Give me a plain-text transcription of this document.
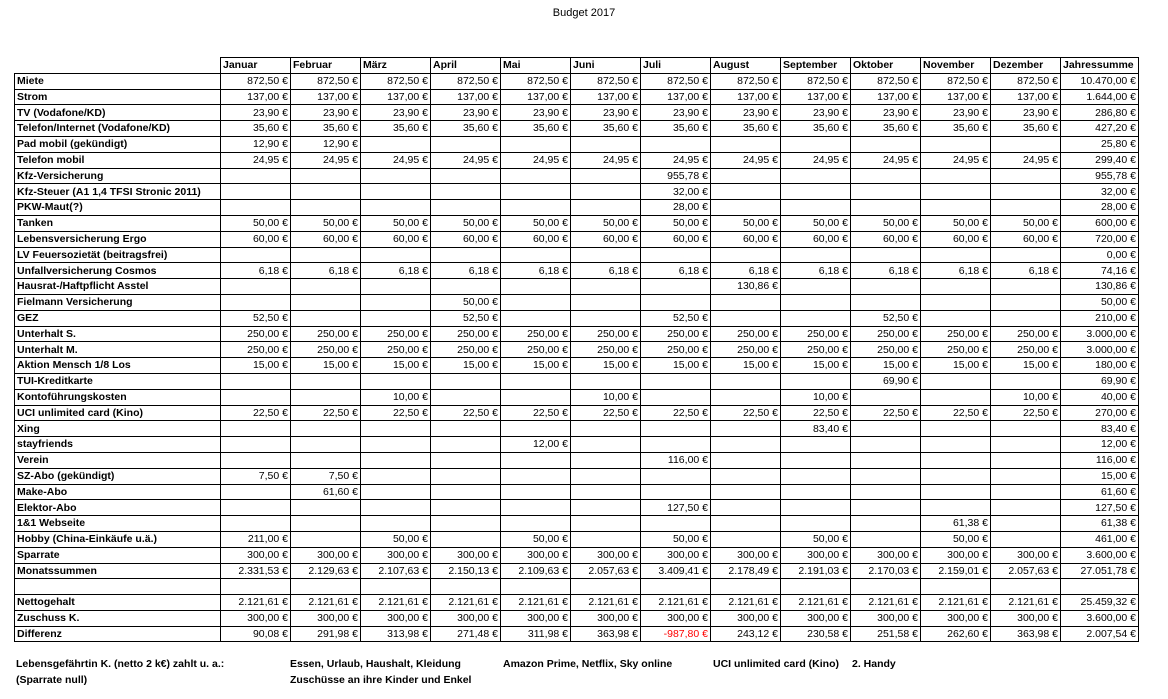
Budget 2017
	Januar	Februar	März	April	Mai	Juni	Juli	August	September	Oktober	November	Dezember	Jahressumme
Miete	872,50 €	872,50 €	872,50 €	872,50 €	872,50 €	872,50 €	872,50 €	872,50 €	872,50 €	872,50 €	872,50 €	872,50 €	10.470,00 €
Strom	137,00 €	137,00 €	137,00 €	137,00 €	137,00 €	137,00 €	137,00 €	137,00 €	137,00 €	137,00 €	137,00 €	137,00 €	1.644,00 €
TV (Vodafone/KD)	23,90 €	23,90 €	23,90 €	23,90 €	23,90 €	23,90 €	23,90 €	23,90 €	23,90 €	23,90 €	23,90 €	23,90 €	286,80 €
Telefon/Internet (Vodafone/KD)	35,60 €	35,60 €	35,60 €	35,60 €	35,60 €	35,60 €	35,60 €	35,60 €	35,60 €	35,60 €	35,60 €	35,60 €	427,20 €
Pad mobil (gekündigt)	12,90 €	12,90 €											25,80 €
Telefon mobil	24,95 €	24,95 €	24,95 €	24,95 €	24,95 €	24,95 €	24,95 €	24,95 €	24,95 €	24,95 €	24,95 €	24,95 €	299,40 €
Kfz-Versicherung							955,78 €						955,78 €
Kfz-Steuer (A1 1,4 TFSI Stronic 2011)							32,00 €						32,00 €
PKW-Maut(?)							28,00 €						28,00 €
Tanken	50,00 €	50,00 €	50,00 €	50,00 €	50,00 €	50,00 €	50,00 €	50,00 €	50,00 €	50,00 €	50,00 €	50,00 €	600,00 €
Lebensversicherung Ergo	60,00 €	60,00 €	60,00 €	60,00 €	60,00 €	60,00 €	60,00 €	60,00 €	60,00 €	60,00 €	60,00 €	60,00 €	720,00 €
LV Feuersozietät (beitragsfrei)													0,00 €
Unfallversicherung Cosmos	6,18 €	6,18 €	6,18 €	6,18 €	6,18 €	6,18 €	6,18 €	6,18 €	6,18 €	6,18 €	6,18 €	6,18 €	74,16 €
Hausrat-/Haftpflicht Asstel								130,86 €					130,86 €
Fielmann Versicherung				50,00 €									50,00 €
GEZ	52,50 €			52,50 €			52,50 €			52,50 €			210,00 €
Unterhalt S.	250,00 €	250,00 €	250,00 €	250,00 €	250,00 €	250,00 €	250,00 €	250,00 €	250,00 €	250,00 €	250,00 €	250,00 €	3.000,00 €
Unterhalt M.	250,00 €	250,00 €	250,00 €	250,00 €	250,00 €	250,00 €	250,00 €	250,00 €	250,00 €	250,00 €	250,00 €	250,00 €	3.000,00 €
Aktion Mensch 1/8 Los	15,00 €	15,00 €	15,00 €	15,00 €	15,00 €	15,00 €	15,00 €	15,00 €	15,00 €	15,00 €	15,00 €	15,00 €	180,00 €
TUI-Kreditkarte										69,90 €			69,90 €
Kontoführungskosten			10,00 €			10,00 €			10,00 €			10,00 €	40,00 €
UCI unlimited card (Kino)	22,50 €	22,50 €	22,50 €	22,50 €	22,50 €	22,50 €	22,50 €	22,50 €	22,50 €	22,50 €	22,50 €	22,50 €	270,00 €
Xing									83,40 €				83,40 €
stayfriends					12,00 €								12,00 €
Verein							116,00 €						116,00 €
SZ-Abo (gekündigt)	7,50 €	7,50 €											15,00 €
Make-Abo		61,60 €											61,60 €
Elektor-Abo							127,50 €						127,50 €
1&1 Webseite											61,38 €		61,38 €
Hobby (China-Einkäufe u.ä.)	211,00 €		50,00 €		50,00 €		50,00 €		50,00 €		50,00 €		461,00 €
Sparrate	300,00 €	300,00 €	300,00 €	300,00 €	300,00 €	300,00 €	300,00 €	300,00 €	300,00 €	300,00 €	300,00 €	300,00 €	3.600,00 €
Monatssummen	2.331,53 €	2.129,63 €	2.107,63 €	2.150,13 €	2.109,63 €	2.057,63 €	3.409,41 €	2.178,49 €	2.191,03 €	2.170,03 €	2.159,01 €	2.057,63 €	27.051,78 €

Nettogehalt	2.121,61 €	2.121,61 €	2.121,61 €	2.121,61 €	2.121,61 €	2.121,61 €	2.121,61 €	2.121,61 €	2.121,61 €	2.121,61 €	2.121,61 €	2.121,61 €	25.459,32 €
Zuschuss K.	300,00 €	300,00 €	300,00 €	300,00 €	300,00 €	300,00 €	300,00 €	300,00 €	300,00 €	300,00 €	300,00 €	300,00 €	3.600,00 €
Differenz	90,08 €	291,98 €	313,98 €	271,48 €	311,98 €	363,98 €	-987,80 €	243,12 €	230,58 €	251,58 €	262,60 €	363,98 €	2.007,54 €
Lebensgefährtin K. (netto 2 k€) zahlt u. a.:
(Sparrate null)
Essen, Urlaub, Haushalt, Kleidung
Zuschüsse an ihre Kinder und Enkel
Amazon Prime, Netflix, Sky online	UCI unlimited card (Kino) 2. Handy
